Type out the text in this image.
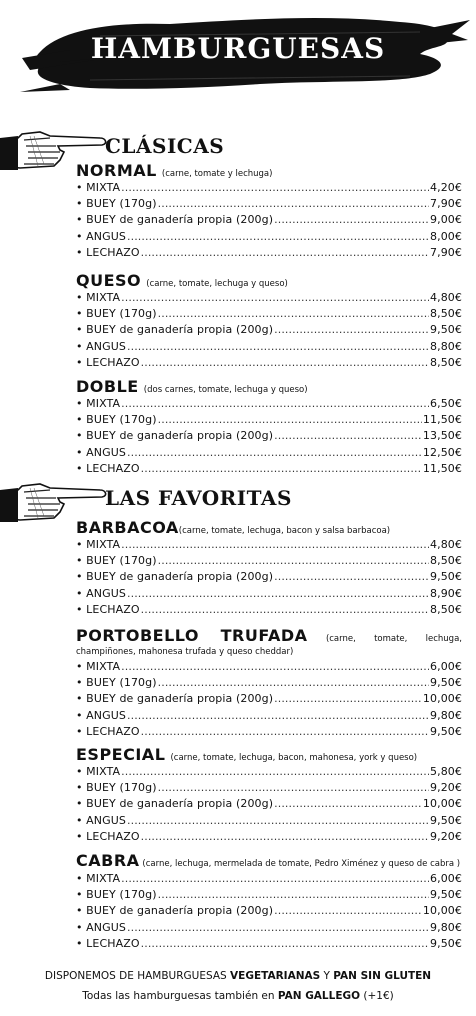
HAMBURGUESAS
CLÁSICAS
NORMAL (carne, tomate y lechuga)
• MIXTA .....	4,20€
• BUEY (170g) .....	7,90€
• BUEY de ganadería propia (200g) .....	9,00€
• ANGUS .....	8,00€
• LECHAZO .....	7,90€
QUESO (carne, tomate, lechuga y queso)
• MIXTA .....	4,80€
• BUEY (170g) .....	8,50€
• BUEY de ganadería propia (200g) .....	9,50€
• ANGUS .....	8,80€
• LECHAZO .....	8,50€
DOBLE (dos carnes, tomate, lechuga y queso)
• MIXTA .....	6,50€
• BUEY (170g) .....	11,50€
• BUEY de ganadería propia (200g) .....	13,50€
• ANGUS .....	12,50€
• LECHAZO .....	11,50€
LAS FAVORITAS
BARBACOA(carne, tomate, lechuga, bacon y salsa barbacoa)
• MIXTA .....	4,80€
• BUEY (170g) .....	8,50€
• BUEY de ganadería propia (200g) .....	9,50€
• ANGUS .....	8,90€
• LECHAZO .....	8,50€
PORTOBELLO TRUFADA (carne, tomate, lechuga, champiñones, mahonesa trufada y queso cheddar)
• MIXTA .....	6,00€
• BUEY (170g) .....	9,50€
• BUEY de ganadería propia (200g) .....	10,00€
• ANGUS .....	9,80€
• LECHAZO .....	9,50€
ESPECIAL (carne, tomate, lechuga, bacon, mahonesa, york y queso)
• MIXTA .....	5,80€
• BUEY (170g) .....	9,20€
• BUEY de ganadería propia (200g) .....	10,00€
• ANGUS .....	9,50€
• LECHAZO .....	9,20€
CABRA (carne, lechuga, mermelada de tomate, Pedro Ximénez y queso de cabra )
• MIXTA .....	6,00€
• BUEY (170g) .....	9,50€
• BUEY de ganadería propia (200g) .....	10,00€
• ANGUS .....	9,80€
• LECHAZO .....	9,50€
DISPONEMOS DE HAMBURGUESAS VEGETARIANAS Y PAN SIN GLUTEN
Todas las hamburguesas también en PAN GALLEGO (+1€)
